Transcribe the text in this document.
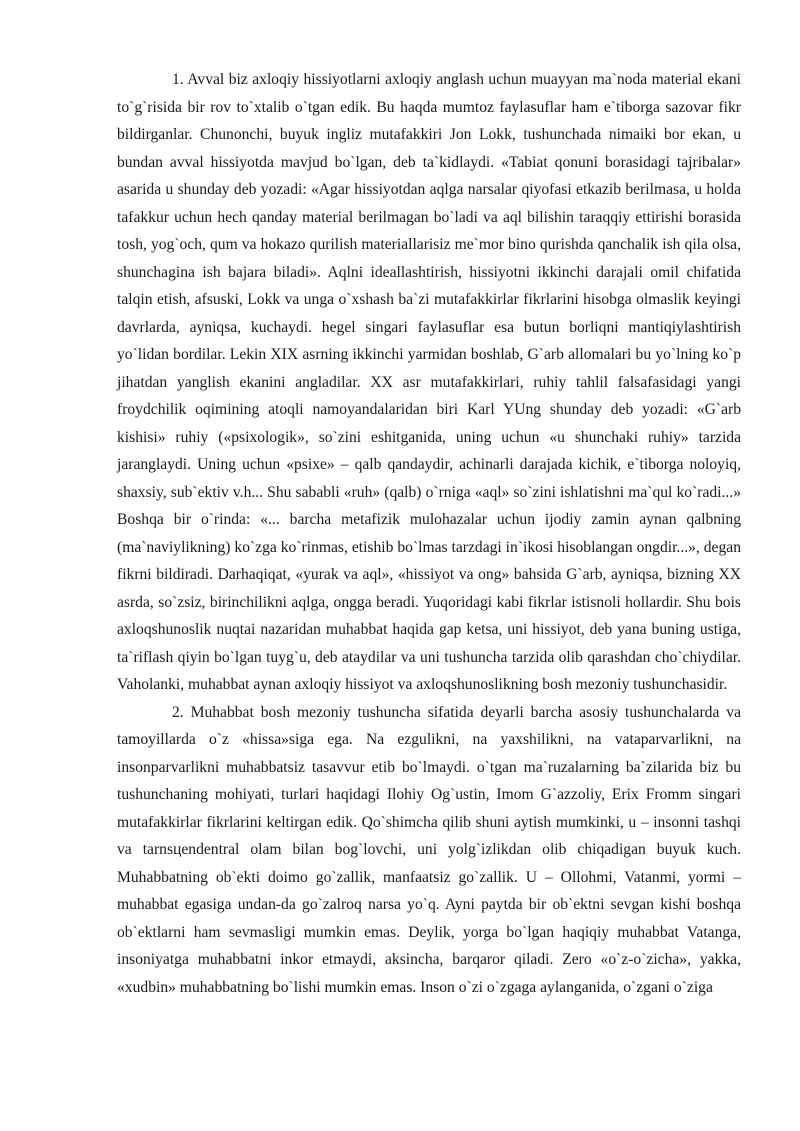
1. Avval biz axloqiy hissiyotlarni axloqiy anglash uchun muayyan ma`noda material ekani to`g`risida bir rov to`xtalib o`tgan edik. Bu haqda mumtoz faylasuflar ham e`tiborga sazovar fikr bildirganlar. Chunonchi, buyuk ingliz mutafakkiri Jon Lokk, tushunchada nimaiki bor ekan, u bundan avval hissiyotda mavjud bo`lgan, deb ta`kidlaydi. «Tabiat qonuni borasidagi tajribalar» asarida u shunday deb yozadi: «Agar hissiyotdan aqlga narsalar qiyofasi etkazib berilmasa, u holda tafakkur uchun hech qanday material berilmagan bo`ladi va aql bilishin taraqqiy ettirishi borasida tosh, yog`och, qum va hokazo qurilish materiallarisiz me`mor bino qurishda qanchalik ish qila olsa, shunchagina ish bajara biladi». Aqlni ideallashtirish, hissiyotni ikkinchi darajali omil chifatida talqin etish, afsuski, Lokk va unga o`xshash ba`zi mutafakkirlar fikrlarini hisobga olmaslik keyingi davrlarda, ayniqsa, kuchaydi. hegel singari faylasuflar esa butun borliqni mantiqiylashtirish yo`lidan bordilar. Lekin XIX asrning ikkinchi yarmidan boshlab, G`arb allomalari bu yo`lning ko`p jihatdan yanglish ekanini angladilar. XX asr mutafakkirlari, ruhiy tahlil falsafasidagi yangi froydchilik oqimining atoqli namoyandalaridan biri Karl YUng shunday deb yozadi: «G`arb kishisi» ruhiy («psixologik», so`zini eshitganida, uning uchun «u shunchaki ruhiy» tarzida jaranglaydi. Uning uchun «psixe» – qalb qandaydir, achinarli darajada kichik, e`tiborga noloyiq, shaxsiy, sub`ektiv v.h... Shu sababli «ruh» (qalb) o`rniga «aql» so`zini ishlatishni ma`qul ko`radi...» Boshqa bir o`rinda: «... barcha metafizik mulohazalar uchun ijodiy zamin aynan qalbning (ma`naviylikning) ko`zga ko`rinmas, etishib bo`lmas tarzdagi in`ikosi hisoblangan ongdir...», degan fikrni bildiradi. Darhaqiqat, «yurak va aql», «hissiyot va ong» bahsida G`arb, ayniqsa, bizning XX asrda, so`zsiz, birinchilikni aqlga, ongga beradi. Yuqoridagi kabi fikrlar istisnoli hollardir. Shu bois axloqshunoslik nuqtai nazaridan muhabbat haqida gap ketsa, uni hissiyot, deb yana buning ustiga, ta`riflash qiyin bo`lgan tuyg`u, deb ataydilar va uni tushuncha tarzida olib qarashdan cho`chiydilar. Vaholanki, muhabbat aynan axloqiy hissiyot va axloqshunoslikning bosh mezoniy tushunchasidir.

2. Muhabbat bosh mezoniy tushuncha sifatida deyarli barcha asosiy tushunchalarda va tamoyillarda o`z «hissa»siga ega. Na ezgulikni, na yaxshilikni, na vataparvarlikni, na insonparvarlikni muhabbatsiz tasavvur etib bo`lmaydi. o`tgan ma`ruzalarning ba`zilarida biz bu tushunchaning mohiyati, turlari haqidagi Ilohiy Og`ustin, Imom G`azzoliy, Erix Fromm singari mutafakkirlar fikrlarini keltirgan edik. Qo`shimcha qilib shuni aytish mumkinki, u – insonni tashqi va tarnsцendentral olam bilan bog`lovchi, uni yolg`izlikdan olib chiqadigan buyuk kuch. Muhabbatning ob`ekti doimo go`zallik, manfaatsiz go`zallik. U – Ollohmi, Vatanmi, yormi – muhabbat egasiga undan-da go`zalroq narsa yo`q. Ayni paytda bir ob`ektni sevgan kishi boshqa ob`ektlarni ham sevmasligi mumkin emas. Deylik, yorga bo`lgan haqiqiy muhabbat Vatanga, insoniyatga muhabbatni inkor etmaydi, aksincha, barqaror qiladi. Zero «o`z-o`zicha», yakka, «xudbin» muhabbatning bo`lishi mumkin emas. Inson o`zi o`zgaga aylanganida, o`zgani o`ziga
